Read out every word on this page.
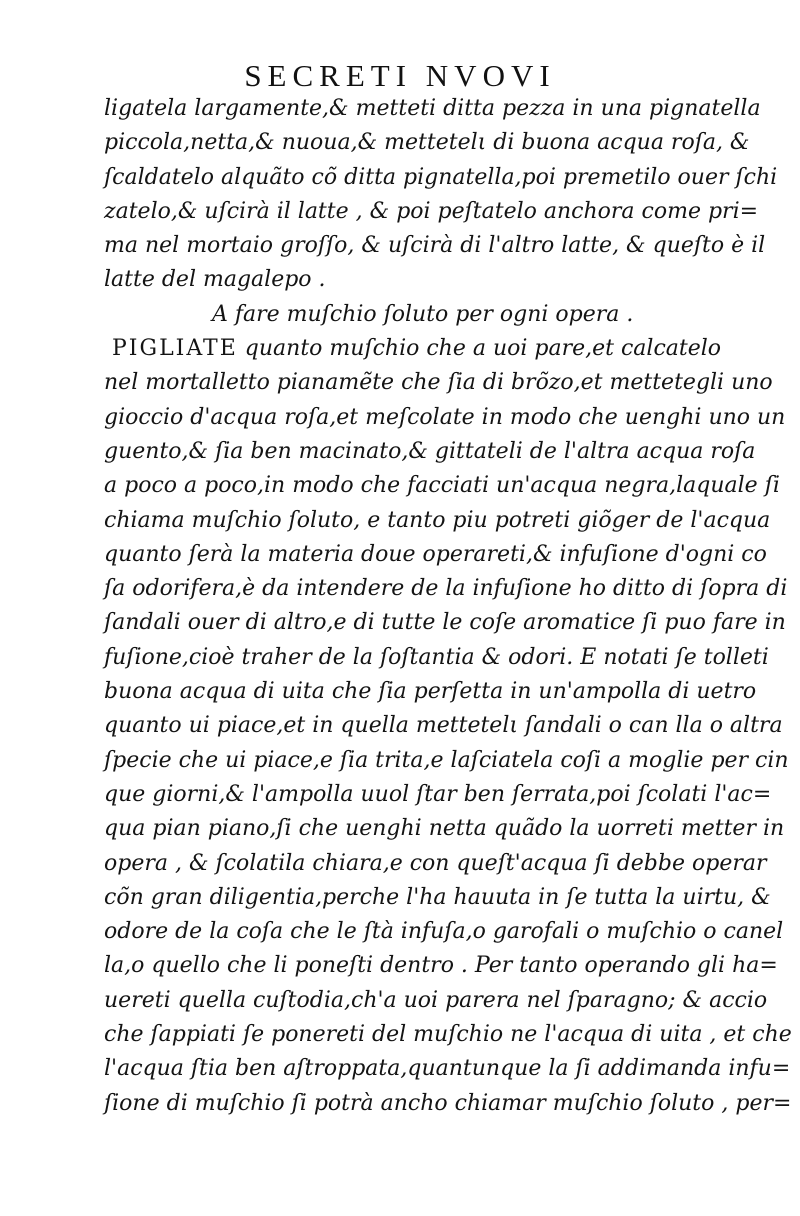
SECRETI NVOVI
ligatela largamente,& metteti ditta pezza in una pignatella
piccola,netta,& nuoua,& mettetelι di buona acqua roſa, &
ſcaldatelo alquãto cõ ditta pignatella,poi premetilo ouer ſchi
zatelo,& uſcirà il latte , & poi peſtatelo anchora come pri=
ma nel mortaio groſſo, & uſcirà di l'altro latte, & queſto è il
latte del magalepo .
A fare muſchio ſoluto per ogni opera .
PIGLIATE quanto muſchio che a uoi pare,et calcatelo
nel mortalletto pianamẽte che ſia di brõzo,et mettetegli uno
gioccio d'acqua roſa,et meſcolate in modo che uenghi uno un
guento,& ſia ben macinato,& gittateli de l'altra acqua roſa
a poco a poco,in modo che facciati un'acqua negra,laquale ſi
chiama muſchio ſoluto, e tanto piu potreti giõger de l'acqua
quanto ſerà la materia doue operareti,& infuſione d'ogni co
ſa odorifera,è da intendere de la infuſione ho ditto di ſopra di
ſandali ouer di altro,e di tutte le coſe aromatice ſi puo fare in
fuſione,cioè traher de la ſoſtantia & odori. E notati ſe tolleti
buona acqua di uita che ſia perſetta in un'ampolla di uetro
quanto ui piace,et in quella mettetelι ſandali o can lla o altra
ſpecie che ui piace,e ſia trita,e laſciatela coſi a moglie per cin
que giorni,& l'ampolla uuol ſtar ben ſerrata,poi ſcolati l'ac=
qua pian piano,ſi che uenghi netta quãdo la uorreti metter in
opera , & ſcolatila chiara,e con queſt'acqua ſi debbe operar
cõn gran diligentia,perche l'ha hauuta in ſe tutta la uirtu, &
odore de la coſa che le ſtà infuſa,o garofali o muſchio o canel
la,o quello che li poneſti dentro . Per tanto operando gli ha=
uereti quella cuſtodia,ch'a uoi parera nel ſparagno; & accio
che ſappiati ſe ponereti del muſchio ne l'acqua di uita , et che
l'acqua ſtia ben aſtroppata,quantunque la ſi addimanda infu=
ſione di muſchio ſi potrà ancho chiamar muſchio ſoluto , per=
